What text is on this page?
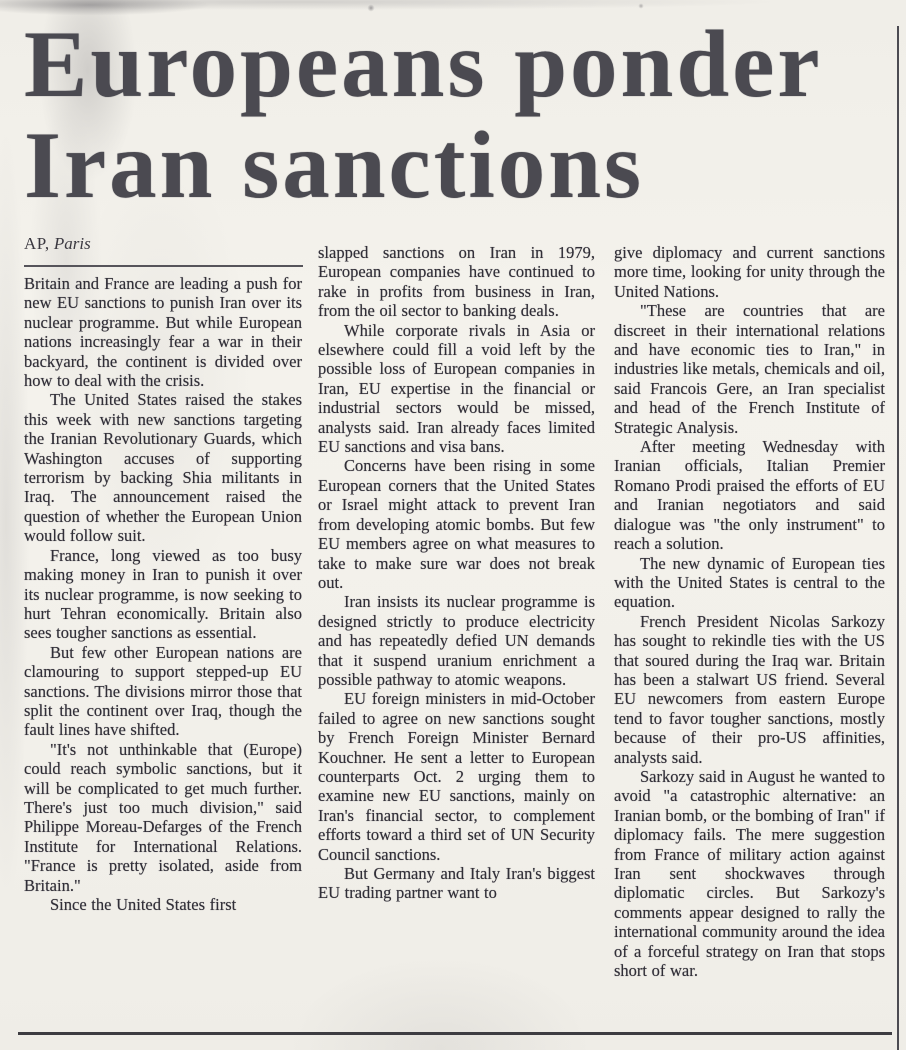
Europeans ponder
Iran sanctions
AP, Paris

Britain and France are leading a push for new EU sanctions to punish Iran over its nuclear programme. But while European nations increasingly fear a war in their backyard, the continent is divided over how to deal with the crisis.

The United States raised the stakes this week with new sanctions targeting the Iranian Revolutionary Guards, which Washington accuses of supporting terrorism by backing Shia militants in Iraq. The announcement raised the question of whether the European Union would follow suit.

France, long viewed as too busy making money in Iran to punish it over its nuclear programme, is now seeking to hurt Tehran economically. Britain also sees tougher sanctions as essential.

But few other European nations are clamouring to support stepped-up EU sanctions. The divisions mirror those that split the continent over Iraq, though the fault lines have shifted.

"It's not unthinkable that (Europe) could reach symbolic sanctions, but it will be complicated to get much further. There's just too much division," said Philippe Moreau-Defarges of the French Institute for International Relations. "France is pretty isolated, aside from Britain."

Since the United States first

slapped sanctions on Iran in 1979, European companies have continued to rake in profits from business in Iran, from the oil sector to banking deals.

While corporate rivals in Asia or elsewhere could fill a void left by the possible loss of European companies in Iran, EU expertise in the financial or industrial sectors would be missed, analysts said. Iran already faces limited EU sanctions and visa bans.

Concerns have been rising in some European corners that the United States or Israel might attack to prevent Iran from developing atomic bombs. But few EU members agree on what measures to take to make sure war does not break out.

Iran insists its nuclear programme is designed strictly to produce electricity and has repeatedly defied UN demands that it suspend uranium enrichment a possible pathway to atomic weapons.

EU foreign ministers in mid-October failed to agree on new sanctions sought by French Foreign Minister Bernard Kouchner. He sent a letter to European counterparts Oct. 2 urging them to examine new EU sanctions, mainly on Iran's financial sector, to complement efforts toward a third set of UN Security Council sanctions.

But Germany and Italy Iran's biggest EU trading partner want to

give diplomacy and current sanctions more time, looking for unity through the United Nations.

"These are countries that are discreet in their international relations and have economic ties to Iran," in industries like metals, chemicals and oil, said Francois Gere, an Iran specialist and head of the French Institute of Strategic Analysis.

After meeting Wednesday with Iranian officials, Italian Premier Romano Prodi praised the efforts of EU and Iranian negotiators and said dialogue was "the only instrument" to reach a solution.

The new dynamic of European ties with the United States is central to the equation.

French President Nicolas Sarkozy has sought to rekindle ties with the US that soured during the Iraq war. Britain has been a stalwart US friend. Several EU newcomers from eastern Europe tend to favor tougher sanctions, mostly because of their pro-US affinities, analysts said.

Sarkozy said in August he wanted to avoid "a catastrophic alternative: an Iranian bomb, or the bombing of Iran" if diplomacy fails. The mere suggestion from France of military action against Iran sent shockwaves through diplomatic circles. But Sarkozy's comments appear designed to rally the international community around the idea of a forceful strategy on Iran that stops short of war.
